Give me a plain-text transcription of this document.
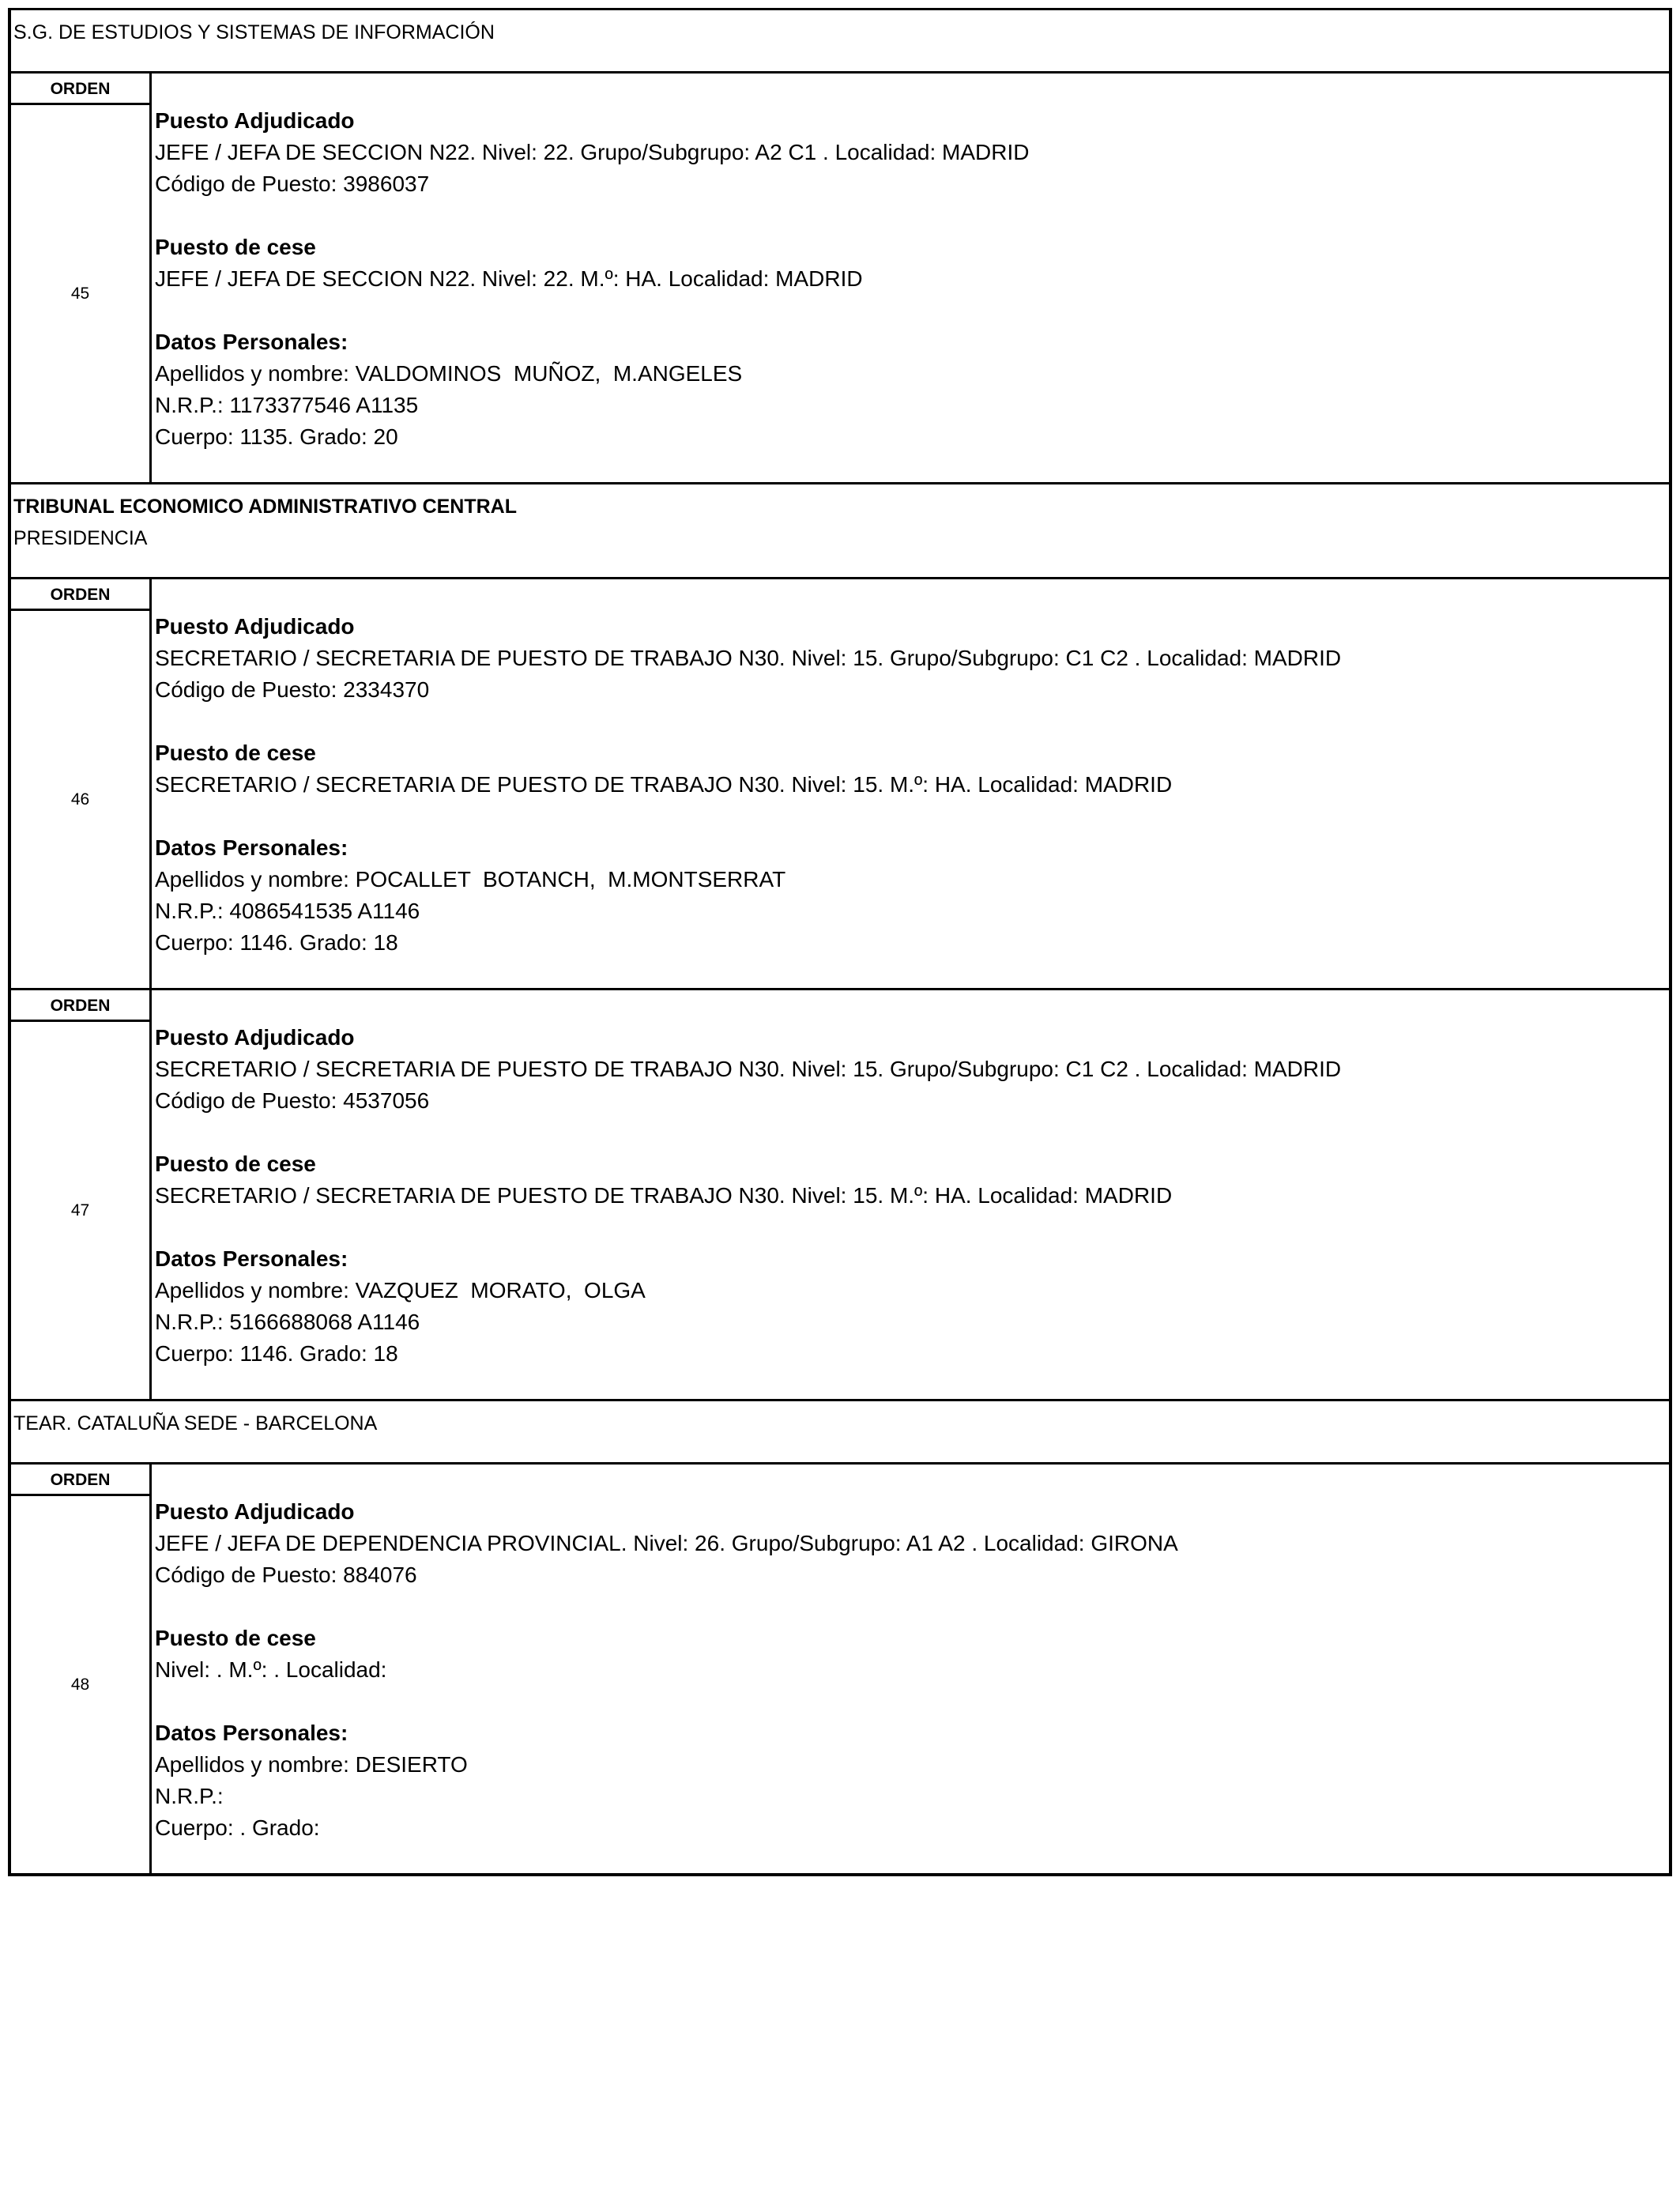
S.G. DE ESTUDIOS Y SISTEMAS DE INFORMACIÓN
ORDEN
45
Puesto Adjudicado
JEFE / JEFA DE SECCION N22. Nivel: 22. Grupo/Subgrupo: A2 C1 . Localidad: MADRID
Código de Puesto: 3986037
Puesto de cese
JEFE / JEFA DE SECCION N22. Nivel: 22. M.º: HA. Localidad: MADRID
Datos Personales:
Apellidos y nombre: VALDOMINOS  MUÑOZ,  M.ANGELES
N.R.P.: 1173377546 A1135
Cuerpo: 1135. Grado: 20
TRIBUNAL ECONOMICO ADMINISTRATIVO CENTRAL
PRESIDENCIA
ORDEN
46
Puesto Adjudicado
SECRETARIO / SECRETARIA DE PUESTO DE TRABAJO N30. Nivel: 15. Grupo/Subgrupo: C1 C2 . Localidad: MADRID
Código de Puesto: 2334370
Puesto de cese
SECRETARIO / SECRETARIA DE PUESTO DE TRABAJO N30. Nivel: 15. M.º: HA. Localidad: MADRID
Datos Personales:
Apellidos y nombre: POCALLET  BOTANCH,  M.MONTSERRAT
N.R.P.: 4086541535 A1146
Cuerpo: 1146. Grado: 18
ORDEN
47
Puesto Adjudicado
SECRETARIO / SECRETARIA DE PUESTO DE TRABAJO N30. Nivel: 15. Grupo/Subgrupo: C1 C2 . Localidad: MADRID
Código de Puesto: 4537056
Puesto de cese
SECRETARIO / SECRETARIA DE PUESTO DE TRABAJO N30. Nivel: 15. M.º: HA. Localidad: MADRID
Datos Personales:
Apellidos y nombre: VAZQUEZ  MORATO,  OLGA
N.R.P.: 5166688068 A1146
Cuerpo: 1146. Grado: 18
TEAR. CATALUÑA SEDE - BARCELONA
ORDEN
48
Puesto Adjudicado
JEFE / JEFA DE DEPENDENCIA PROVINCIAL. Nivel: 26. Grupo/Subgrupo: A1 A2 . Localidad: GIRONA
Código de Puesto: 884076
Puesto de cese
Nivel: . M.º: . Localidad:
Datos Personales:
Apellidos y nombre: DESIERTO
N.R.P.:
Cuerpo: . Grado:
